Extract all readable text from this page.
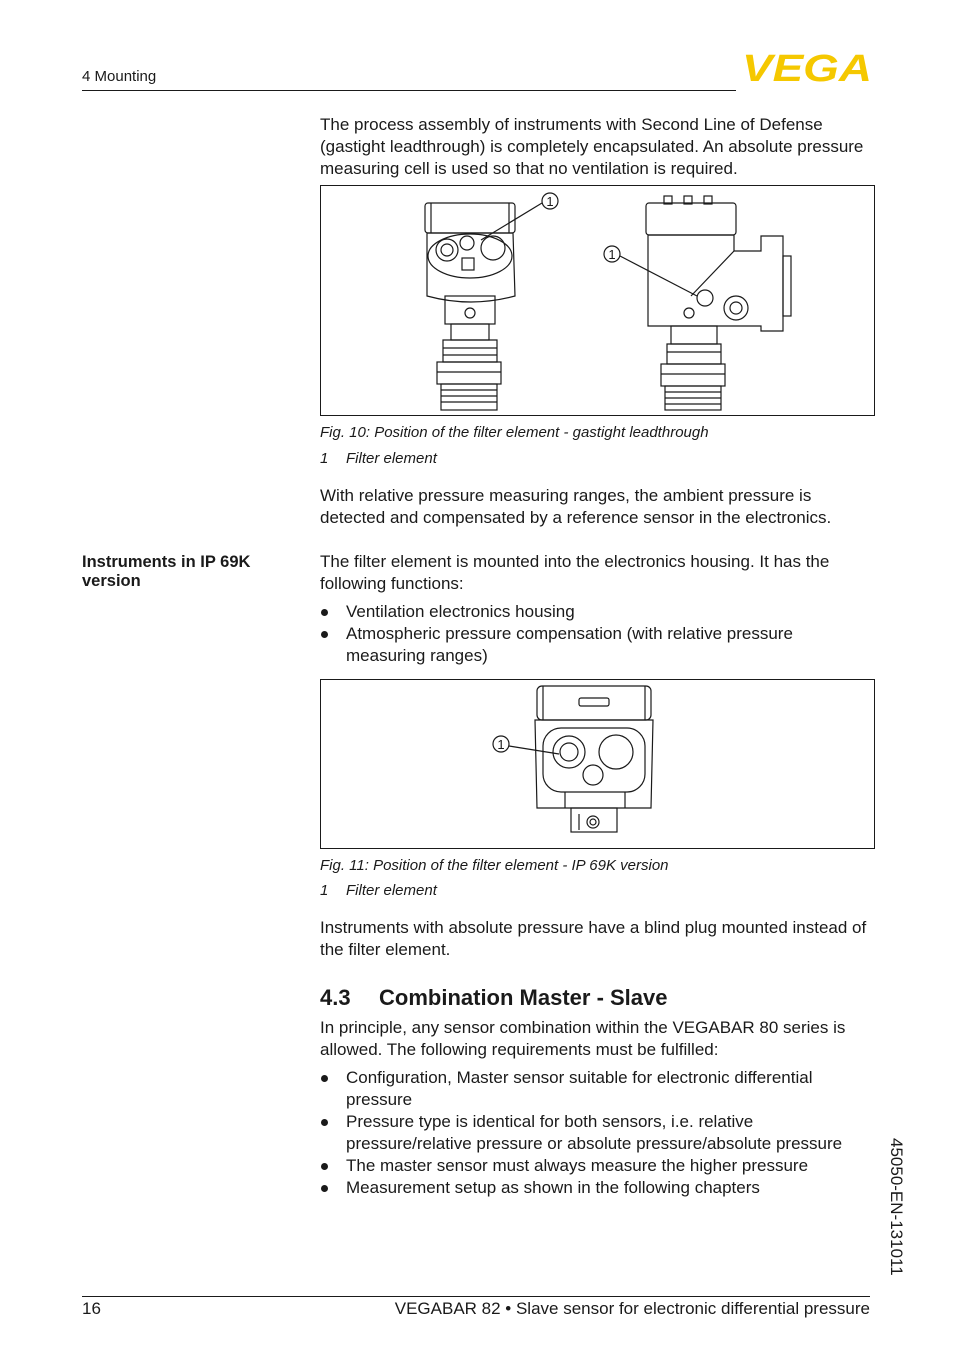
4 Mounting	VEGA
The process assembly of instruments with Second Line of Defense (gastight leadthrough) is completely encapsulated. An absolute pressure measuring cell is used so that no ventilation is required.
1
1
Fig. 10: Position of the filter element - gastight leadthrough
1 Filter element
With relative pressure measuring ranges, the ambient pressure is detected and compensated by a reference sensor in the electronics.
Instruments in IP 69K version
The filter element is mounted into the electronics housing. It has the following functions:
Ventilation electronics housing
Atmospheric pressure compensation (with relative pressure measuring ranges)
1
Fig. 11: Position of the filter element - IP 69K version
1 Filter element
Instruments with absolute pressure have a blind plug mounted instead of the filter element.
4.3 Combination Master - Slave
In principle, any sensor combination within the VEGABAR 80 series is allowed. The following requirements must be fulfilled:
Configuration, Master sensor suitable for electronic differential pressure
Pressure type is identical for both sensors, i.e. relative pressure/relative pressure or absolute pressure/absolute pressure
The master sensor must always measure the higher pressure
Measurement setup as shown in the following chapters	45050-EN-131011
16	VEGABAR 82 • Slave sensor for electronic differential pressure
